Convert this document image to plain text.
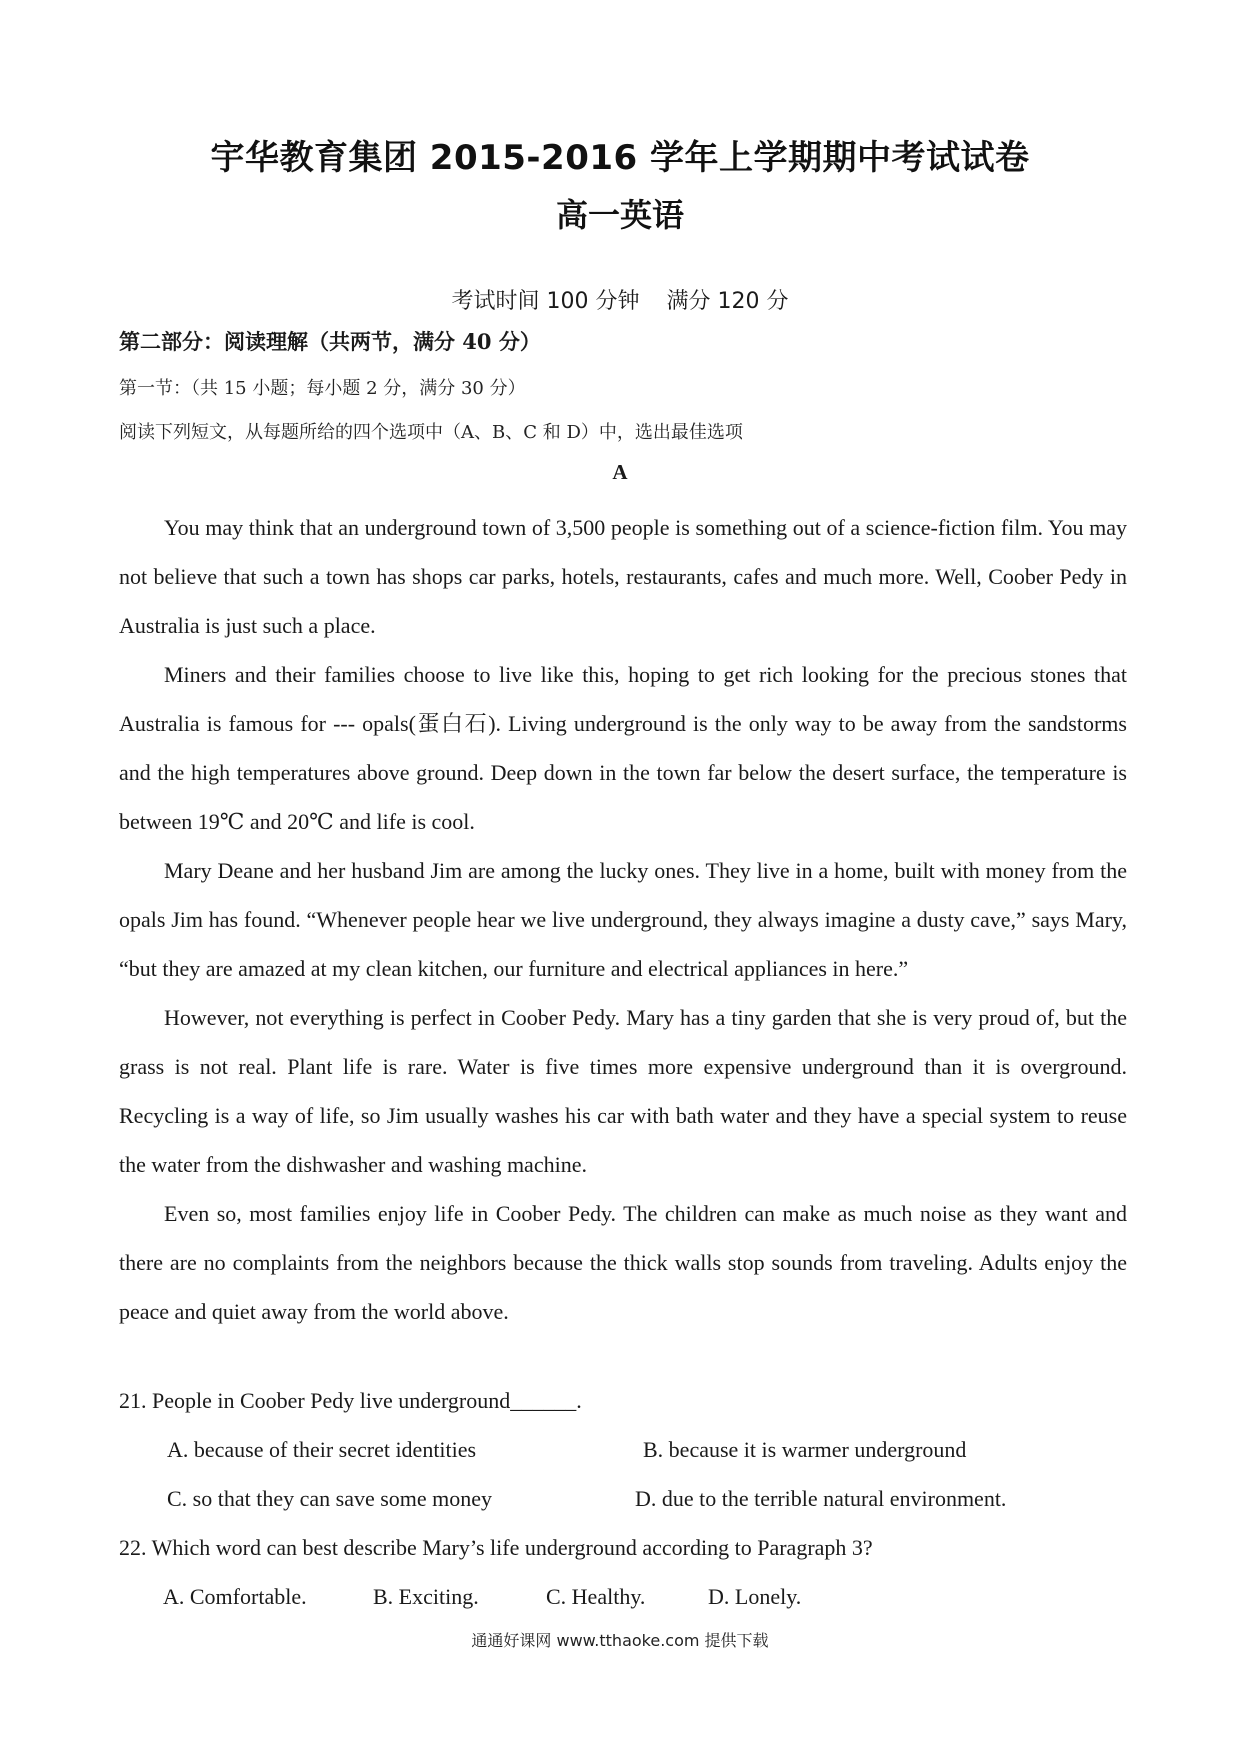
宇华教育集团 2015-2016 学年上学期期中考试试卷
高一英语
考试时间 100 分钟 满分 120 分
第二部分：阅读理解（共两节，满分 40 分）
第一节：（共 15 小题；每小题 2 分，满分 30 分）
阅读下列短文，从每题所给的四个选项中（A、B、C 和 D）中，选出最佳选项
A

You may think that an underground town of 3,500 people is something out of a science-fiction film. You may not believe that such a town has shops car parks, hotels, restaurants, cafes and much more. Well, Coober Pedy in Australia is just such a place.

Miners and their families choose to live like this, hoping to get rich looking for the precious stones that Australia is famous for --- opals(蛋白石). Living underground is the only way to be away from the sandstorms and the high temperatures above ground. Deep down in the town far below the desert surface, the temperature is between 19℃ and 20℃ and life is cool.

Mary Deane and her husband Jim are among the lucky ones. They live in a home, built with money from the opals Jim has found. “Whenever people hear we live underground, they always imagine a dusty cave,” says Mary, “but they are amazed at my clean kitchen, our furniture and electrical appliances in here.”

However, not everything is perfect in Coober Pedy. Mary has a tiny garden that she is very proud of, but the grass is not real. Plant life is rare. Water is five times more expensive underground than it is overground. Recycling is a way of life, so Jim usually washes his car with bath water and they have a special system to reuse the water from the dishwasher and washing machine.

Even so, most families enjoy life in Coober Pedy. The children can make as much noise as they want and there are no complaints from the neighbors because the thick walls stop sounds from traveling. Adults enjoy the peace and quiet away from the world above.

21. People in Coober Pedy live underground______.
A. because of their secret identities	B. because it is warmer underground
C. so that they can save some money	D. due to the terrible natural environment.
22. Which word can best describe Mary’s life underground according to Paragraph 3?
A. Comfortable.	B. Exciting.	C. Healthy.	D. Lonely.
通通好课网 www.tthaoke.com 提供下载
